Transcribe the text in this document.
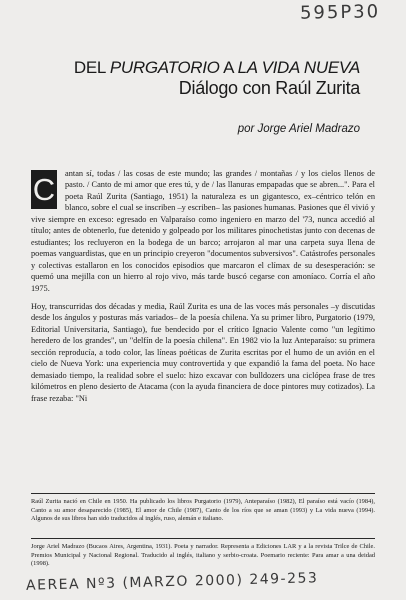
595P30
DEL PURGATORIO A LA VIDA NUEVA
Diálogo con Raúl Zurita
por Jorge Ariel Madrazo

C antan sí, todas / las cosas de este mundo; las grandes / montañas / y los cielos llenos de pasto. / Canto de mi amor que eres tú, y de / las llanuras empapadas que se abren...". Para el poeta Raúl Zurita (Santiago, 1951) la naturaleza es un gigantesco, ex–céntrico telón en blanco, sobre el cual se inscriben –y escriben– las pasiones humanas. Pasiones que él vivió y vive siempre en exceso: egresado en Valparaíso como ingeniero en marzo del '73, nunca accedió al título; antes de obtenerlo, fue detenido y golpeado por los militares pinochetistas junto con decenas de estudiantes; los recluyeron en la bodega de un barco; arrojaron al mar una carpeta suya llena de poemas vanguardistas, que en un principio creyeron "documentos subversivos". Catástrofes personales y colectivas estallaron en los conocidos episodios que marcaron el clímax de su desesperación: se quemó una mejilla con un hierro al rojo vivo, más tarde buscó cegarse con amoníaco. Corría el año 1975.

Hoy, transcurridas dos décadas y media, Raúl Zurita es una de las voces más personales –y discutidas desde los ángulos y posturas más variados– de la poesía chilena. Ya su primer libro, Purgatorio (1979, Editorial Universitaria, Santiago), fue bendecido por el crítico Ignacio Valente como "un legítimo heredero de los grandes", un "delfín de la poesía chilena". En 1982 vio la luz Anteparaíso: su primera sección reproducía, a todo color, las líneas poéticas de Zurita escritas por el humo de un avión en el cielo de Nueva York: una experiencia muy controvertida y que expandió la fama del poeta. No hace demasiado tiempo, la realidad sobre el suelo: hizo excavar con bulldozers una ciclópea frase de tres kilómetros en pleno desierto de Atacama (con la ayuda financiera de doce pintores muy cotizados). La frase rezaba: "Ni

Raúl Zurita nació en Chile en 1950. Ha publicado los libros Purgatorio (1979), Anteparaíso (1982), El paraíso está vacío (1984), Canto a su amor desaparecido (1985), El amor de Chile (1987), Canto de los ríos que se aman (1993) y La vida nueva (1994). Algunos de sus libros han sido traducidos al inglés, ruso, alemán e italiano.
Jorge Ariel Madrazo (Bucaos Aires, Argentina, 1931). Poeta y narrador. Representa a Ediciones LAR y a la revista Trilce de Chile. Premios Municipal y Nacional Regional. Traducido al inglés, italiano y serbio-croata. Poemario reciente: Para amar a una deidad (1998).
AEREA Nº3 (MARZO 2000) 249-253
